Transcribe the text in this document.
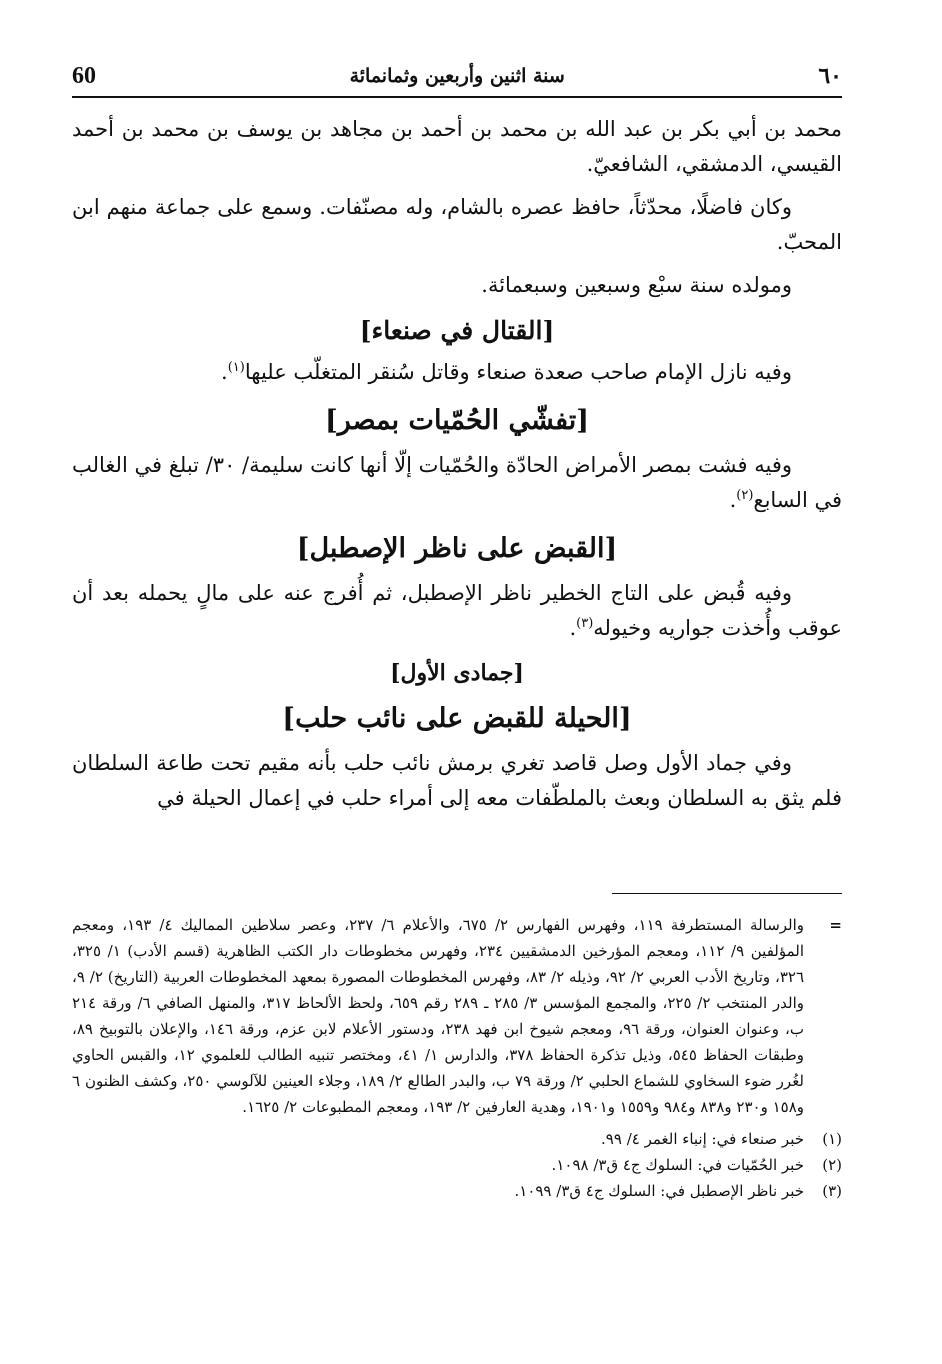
60	سنة اثنين وأربعين وثمانمائة	٦٠

محمد بن أبي بكر بن عبد الله بن محمد بن أحمد بن مجاهد بن يوسف بن محمد بن أحمد القيسي، الدمشقي، الشافعيّ.

وكان فاضلًا، محدّثاً، حافظ عصره بالشام، وله مصنّفات. وسمع على جماعة منهم ابن المحبّ.

ومولده سنة سبْع وسبعين وسبعمائة.

[القتال في صنعاء]

وفيه نازل الإمام صاحب صعدة صنعاء وقاتل سُنقر المتغلّب عليها$^{(١)}$.

[تفشّي الحُمّيات بمصر]

وفيه فشت بمصر الأمراض الحادّة والحُمّيات إلّا أنها كانت سليمة/ ٣٠/ تبلغ في الغالب في السابع$^{(٢)}$.

[القبض على ناظر الإصطبل]

وفيه قُبض على التاج الخطير ناظر الإصطبل، ثم أُفرج عنه على مالٍ يحمله بعد أن عوقب وأُخذت جواريه وخيوله$^{(٣)}$.

[جمادى الأول]
[الحيلة للقبض على نائب حلب]

وفي جماد الأول وصل قاصد تغري برمش نائب حلب بأنه مقيم تحت طاعة السلطان فلم يثق به السلطان وبعث بالملطّفات معه إلى أمراء حلب في إعمال الحيلة في

=
والرسالة المستطرفة ١١٩، وفهرس الفهارس ٢/ ٦٧٥، والأعلام ٦/ ٢٣٧، وعصر سلاطين المماليك ٤/ ١٩٣، ومعجم المؤلفين ٩/ ١١٢، ومعجم المؤرخين الدمشقيين ٢٣٤، وفهرس مخطوطات دار الكتب الظاهرية (قسم الأدب) ١/ ٣٢٥، ٣٢٦، وتاريخ الأدب العربي ٢/ ٩٢، وذيله ٢/ ٨٣، وفهرس المخطوطات المصورة بمعهد المخطوطات العربية (التاريخ) ٢/ ٩، والدر المنتخب ٢/ ٢٢٥، والمجمع المؤسس ٣/ ٢٨٥ ـ ٢٨٩ رقم ٦٥٩، ولحظ الألحاظ ٣١٧، والمنهل الصافي ٦/ ورقة ٢١٤ ب، وعنوان العنوان، ورقة ٩٦، ومعجم شيوخ ابن فهد ٢٣٨، ودستور الأعلام لابن عزم، ورقة ١٤٦، والإعلان بالتوبيخ ٨٩، وطبقات الحفاظ ٥٤٥، وذيل تذكرة الحفاظ ٣٧٨، والدارس ١/ ٤١، ومختصر تنبيه الطالب للعلموي ١٢، والقبس الحاوي لغُرر ضوء السخاوي للشماع الحلبي ٢/ ورقة ٧٩ ب، والبدر الطالع ٢/ ١٨٩، وجلاء العينين للآلوسي ٢٥٠، وكشف الظنون ٦ و١٥٨ و٢٣٠ و٨٣٨ و٩٨٤ و١٥٥٩ و١٩٠١، وهدية العارفين ٢/ ١٩٣، ومعجم المطبوعات ٢/ ١٦٢٥.
(١)
خبر صنعاء في: إنباء الغمر ٤/ ٩٩.
(٢)
خبر الحُمّيات في: السلوك ج٤ ق٣/ ١٠٩٨.
(٣)
خبر ناظر الإصطبل في: السلوك ج٤ ق٣/ ١٠٩٩.
